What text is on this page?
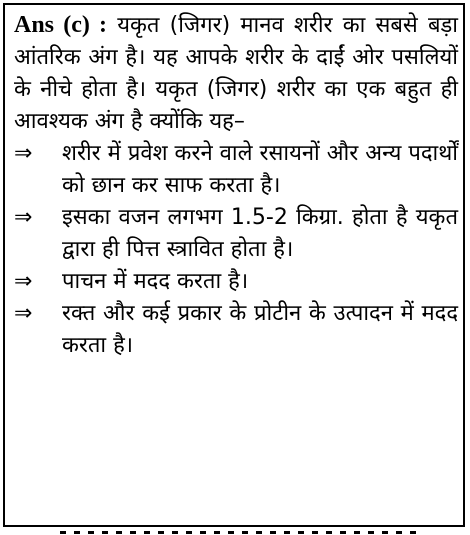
Ans (c) : यकृत (जिगर) मानव शरीर का सबसे बड़ा आंतरिक अंग है। यह आपके शरीर के दाईं ओर पसलियों के नीचे होता है। यकृत (जिगर) शरीर का एक बहुत ही आवश्यक अंग है क्योंकि यह–

⇒	शरीर में प्रवेश करने वाले रसायनों और अन्य पदार्थों को छान कर साफ करता है।
⇒	इसका वजन लगभग 1.5-2 किग्रा. होता है यकृत द्वारा ही पित्त स्त्रावित होता है।
⇒	पाचन में मदद करता है।
⇒	रक्त और कई प्रकार के प्रोटीन के उत्पादन में मदद करता है।
